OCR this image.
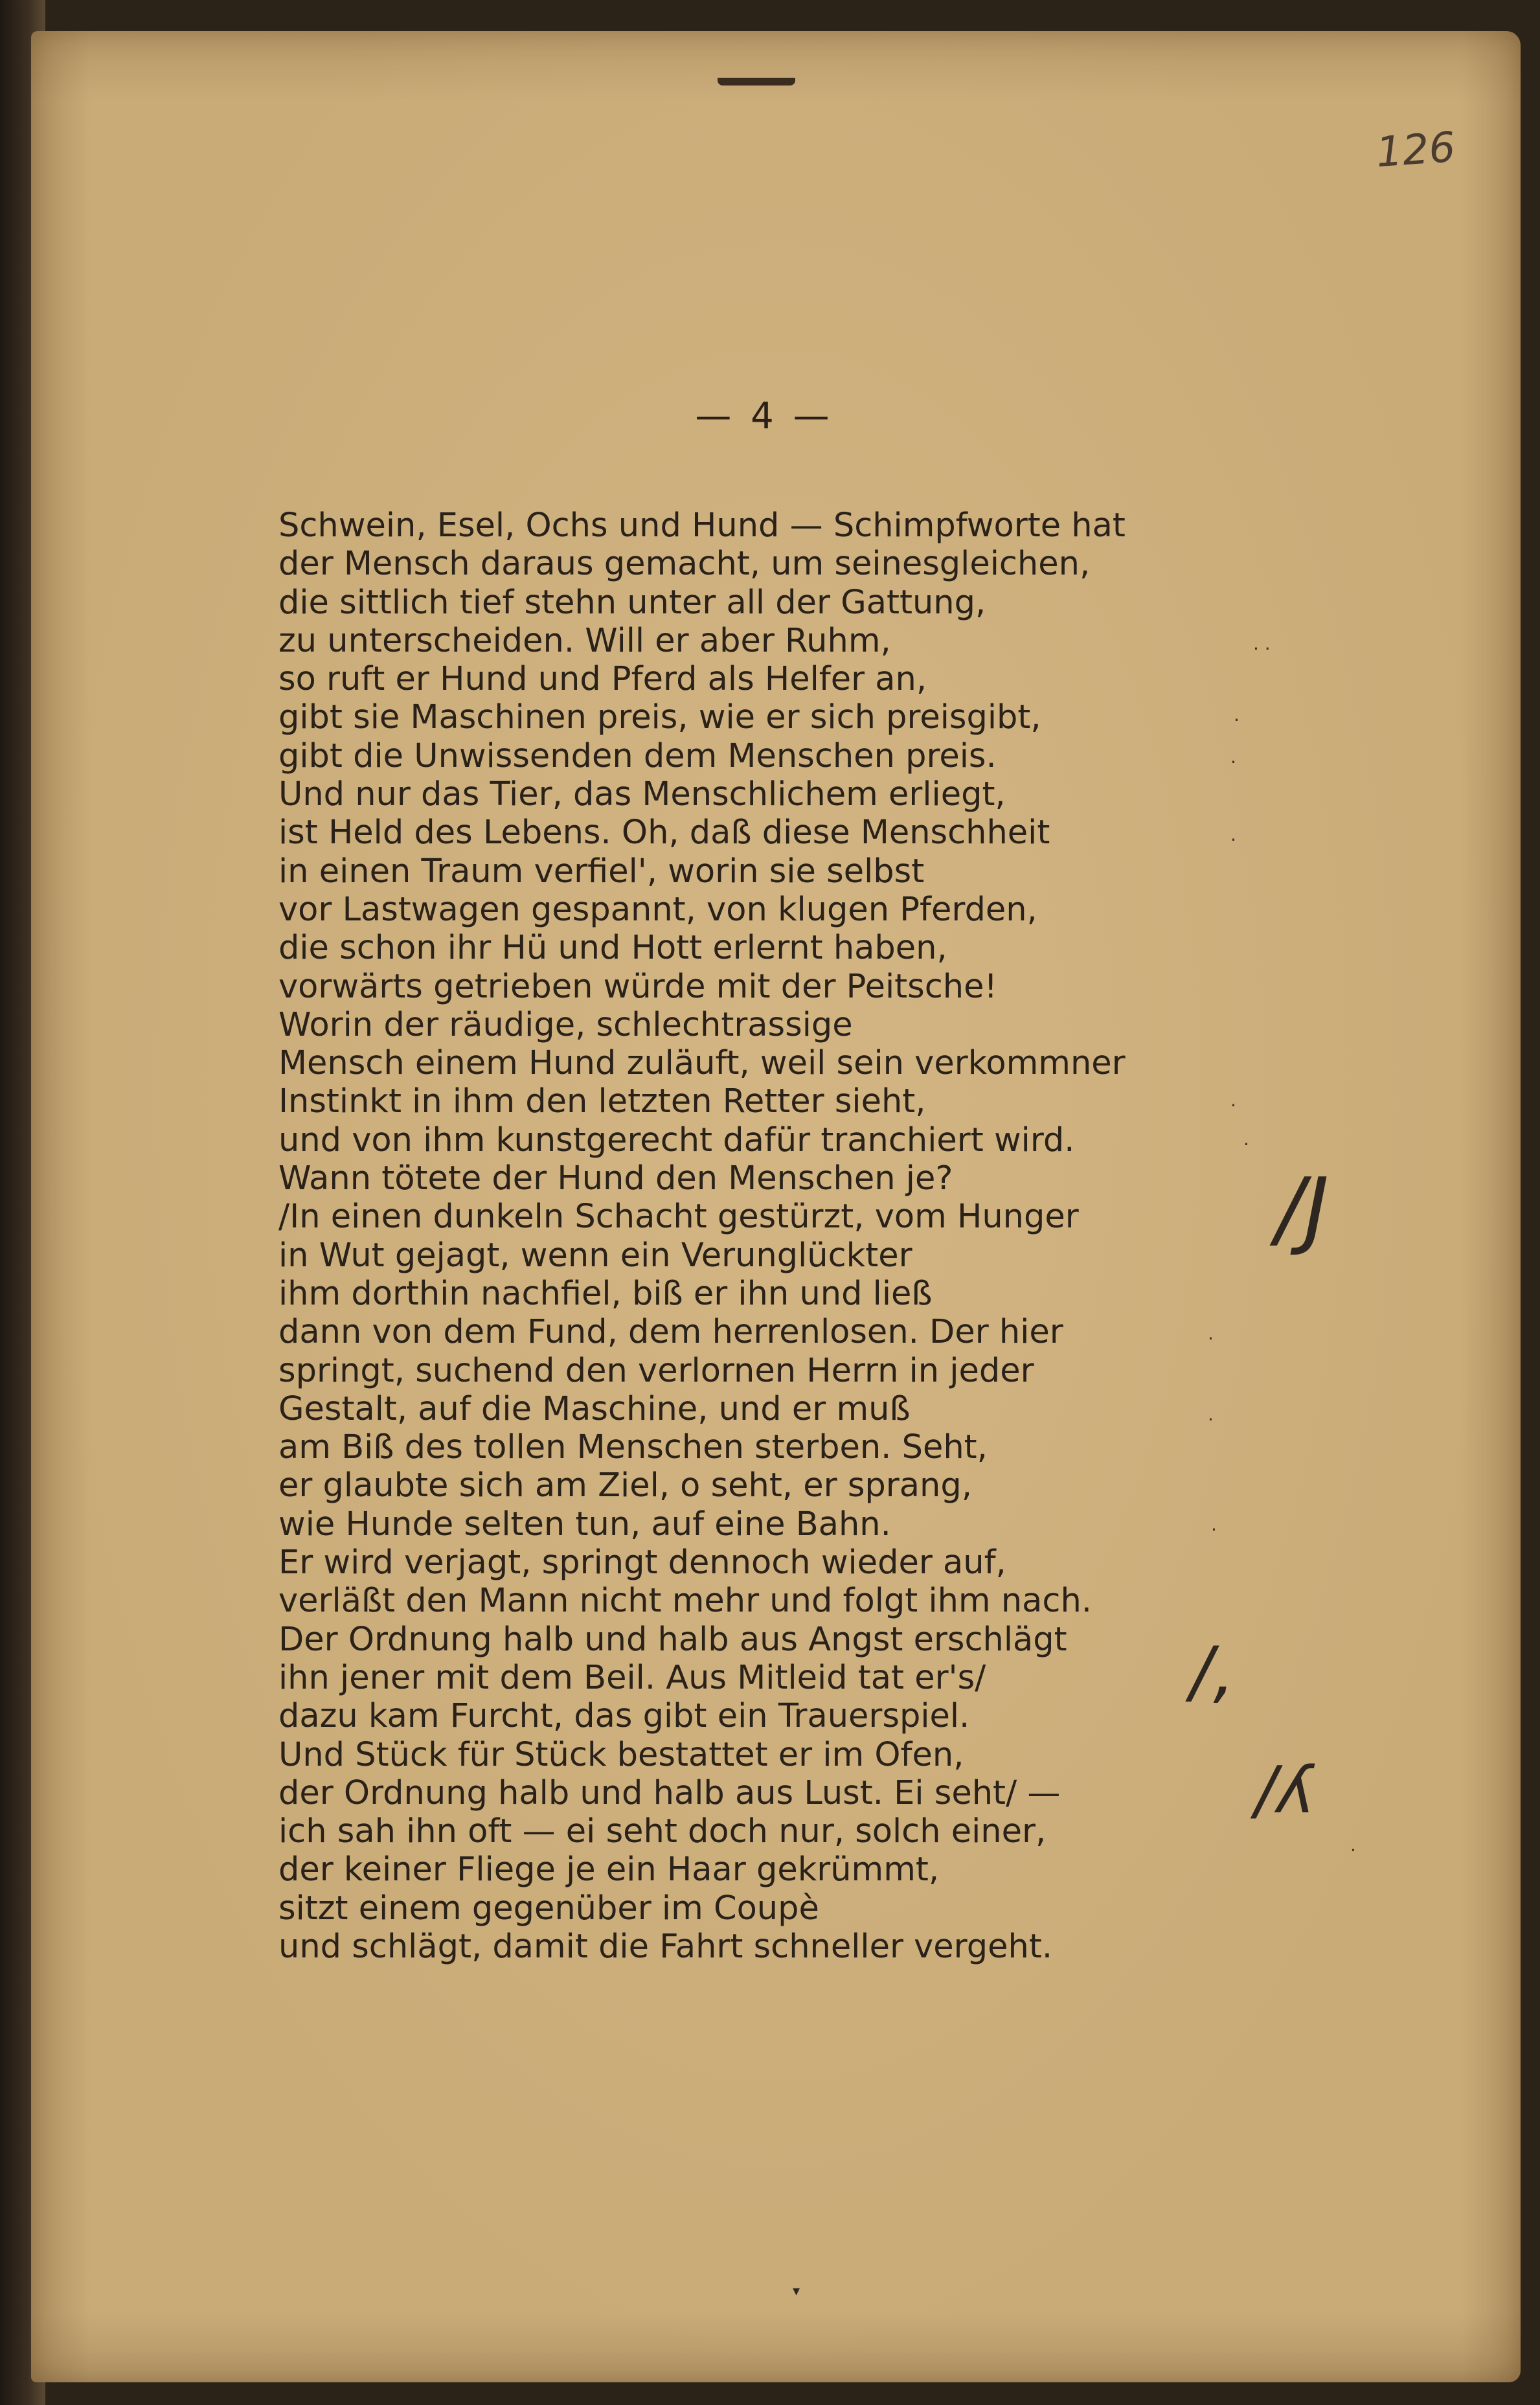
126
— 4 —
Schwein, Esel, Ochs und Hund — Schimpfworte hat
der Mensch daraus gemacht, um seinesgleichen,
die sittlich tief stehn unter all der Gattung,
zu unterscheiden. Will er aber Ruhm,
so ruft er Hund und Pferd als Helfer an,
gibt sie Maschinen preis, wie er sich preisgibt,
gibt die Unwissenden dem Menschen preis.
Und nur das Tier, das Menschlichem erliegt,
ist Held des Lebens. Oh, daß diese Menschheit
in einen Traum verfiel', worin sie selbst
vor Lastwagen gespannt, von klugen Pferden,
die schon ihr Hü und Hott erlernt haben,
vorwärts getrieben würde mit der Peitsche!
Worin der räudige, schlechtrassige
Mensch einem Hund zuläuft, weil sein verkommner
Instinkt in ihm den letzten Retter sieht,
und von ihm kunstgerecht dafür tranchiert wird.
Wann tötete der Hund den Menschen je?
/In einen dunkeln Schacht gestürzt, vom Hunger
in Wut gejagt, wenn ein Verunglückter
ihm dorthin nachfiel, biß er ihn und ließ
dann von dem Fund, dem herrenlosen. Der hier
springt, suchend den verlornen Herrn in jeder
Gestalt, auf die Maschine, und er muß
am Biß des tollen Menschen sterben. Seht,
er glaubte sich am Ziel, o seht, er sprang,
wie Hunde selten tun, auf eine Bahn.
Er wird verjagt, springt dennoch wieder auf,
verläßt den Mann nicht mehr und folgt ihm nach.
Der Ordnung halb und halb aus Angst erschlägt
ihn jener mit dem Beil. Aus Mitleid tat er's/
dazu kam Furcht, das gibt ein Trauerspiel.
Und Stück für Stück bestattet er im Ofen,
der Ordnung halb und halb aus Lust. Ei seht/ —
ich sah ihn oft — ei seht doch nur, solch einer,
der keiner Fliege je ein Haar gekrümmt,
sitzt einem gegenüber im Coupè
und schlägt, damit die Fahrt schneller vergeht.
/J
/,
/ʎ
· ·
·
·
·
·
·
·
·
·
·
▾
